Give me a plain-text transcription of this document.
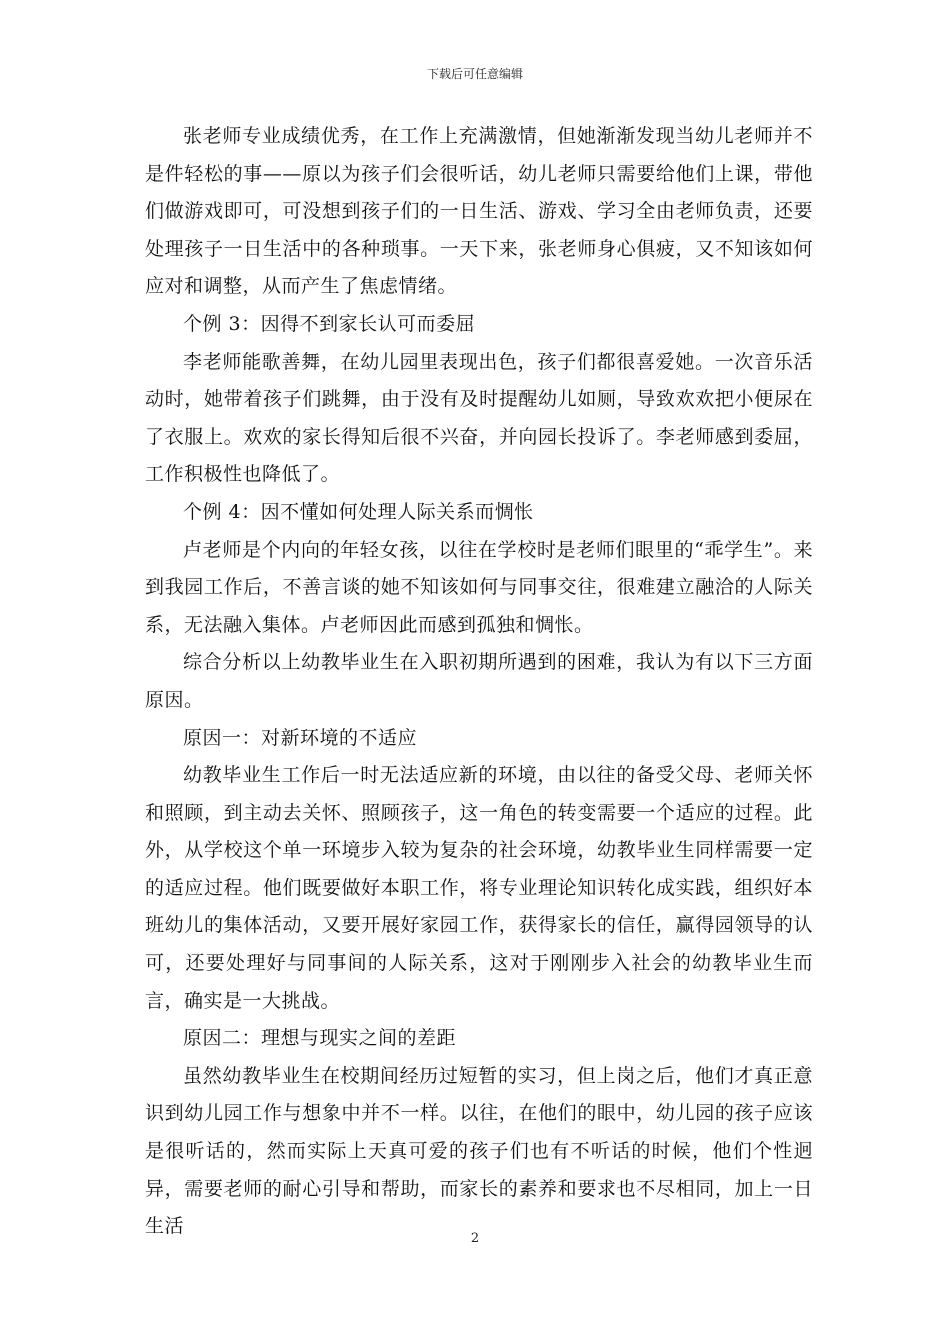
下载后可任意编辑

张老师专业成绩优秀，在工作上充满激情，但她渐渐发现当幼儿老师并不是件轻松的事——原以为孩子们会很听话，幼儿老师只需要给他们上课，带他们做游戏即可，可没想到孩子们的一日生活、游戏、学习全由老师负责，还要处理孩子一日生活中的各种琐事。一天下来，张老师身心俱疲，又不知该如何应对和调整，从而产生了焦虑情绪。

个例 3：因得不到家长认可而委屈

李老师能歌善舞，在幼儿园里表现出色，孩子们都很喜爱她。一次音乐活动时，她带着孩子们跳舞，由于没有及时提醒幼儿如厕，导致欢欢把小便尿在了衣服上。欢欢的家长得知后很不兴奋，并向园长投诉了。李老师感到委屈，工作积极性也降低了。

个例 4：因不懂如何处理人际关系而惆怅

卢老师是个内向的年轻女孩，以往在学校时是老师们眼里的“乖学生”。来到我园工作后，不善言谈的她不知该如何与同事交往，很难建立融洽的人际关系，无法融入集体。卢老师因此而感到孤独和惆怅。

综合分析以上幼教毕业生在入职初期所遇到的困难，我认为有以下三方面原因。

原因一：对新环境的不适应

幼教毕业生工作后一时无法适应新的环境，由以往的备受父母、老师关怀和照顾，到主动去关怀、照顾孩子，这一角色的转变需要一个适应的过程。此外，从学校这个单一环境步入较为复杂的社会环境，幼教毕业生同样需要一定的适应过程。他们既要做好本职工作，将专业理论知识转化成实践，组织好本班幼儿的集体活动，又要开展好家园工作，获得家长的信任，赢得园领导的认可，还要处理好与同事间的人际关系，这对于刚刚步入社会的幼教毕业生而言，确实是一大挑战。

原因二：理想与现实之间的差距

虽然幼教毕业生在校期间经历过短暂的实习，但上岗之后，他们才真正意识到幼儿园工作与想象中并不一样。以往，在他们的眼中，幼儿园的孩子应该是很听话的，然而实际上天真可爱的孩子们也有不听话的时候，他们个性迥异，需要老师的耐心引导和帮助，而家长的素养和要求也不尽相同，加上一日生活

2
